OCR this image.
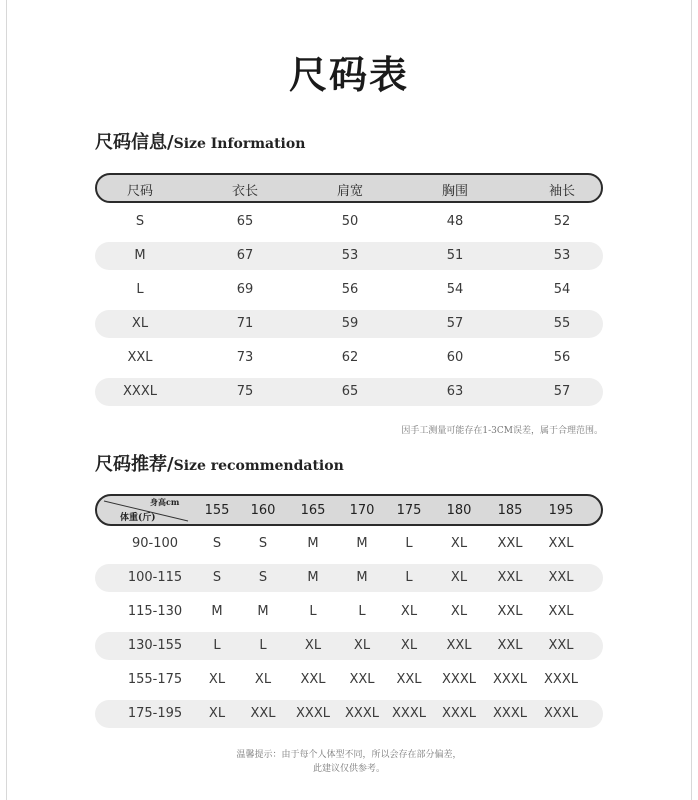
尺码表
尺码信息/Size Information
尺码	衣长	肩宽	胸围	袖长
S	65	50	48	52
M	67	53	51	53
L	69	56	54	54
XL	71	59	57	55
XXL	73	62	60	56
XXXL	75	65	63	57
因手工测量可能存在1-3CM误差，属于合理范围。
尺码推荐/Size recommendation
身高cm
体重(斤)	155 160 165 170 175 180 185 195
90-100	S	S	M	M	L	XL XXL XXL
100-115 S	S	M	M	L	XL XXL XXL
115-130 M	M	L	L	XL	XL XXL XXL
130-155 L	L	XL	XL XL XXL XXL XXL
155-175 XL XL XXL XXL XXL XXXL XXXL XXXL
175-195 XL XXL XXXL XXXL XXXL XXXL XXXL XXXL
温馨提示：由于每个人体型不同，所以会存在部分偏差，
此建议仅供参考。
